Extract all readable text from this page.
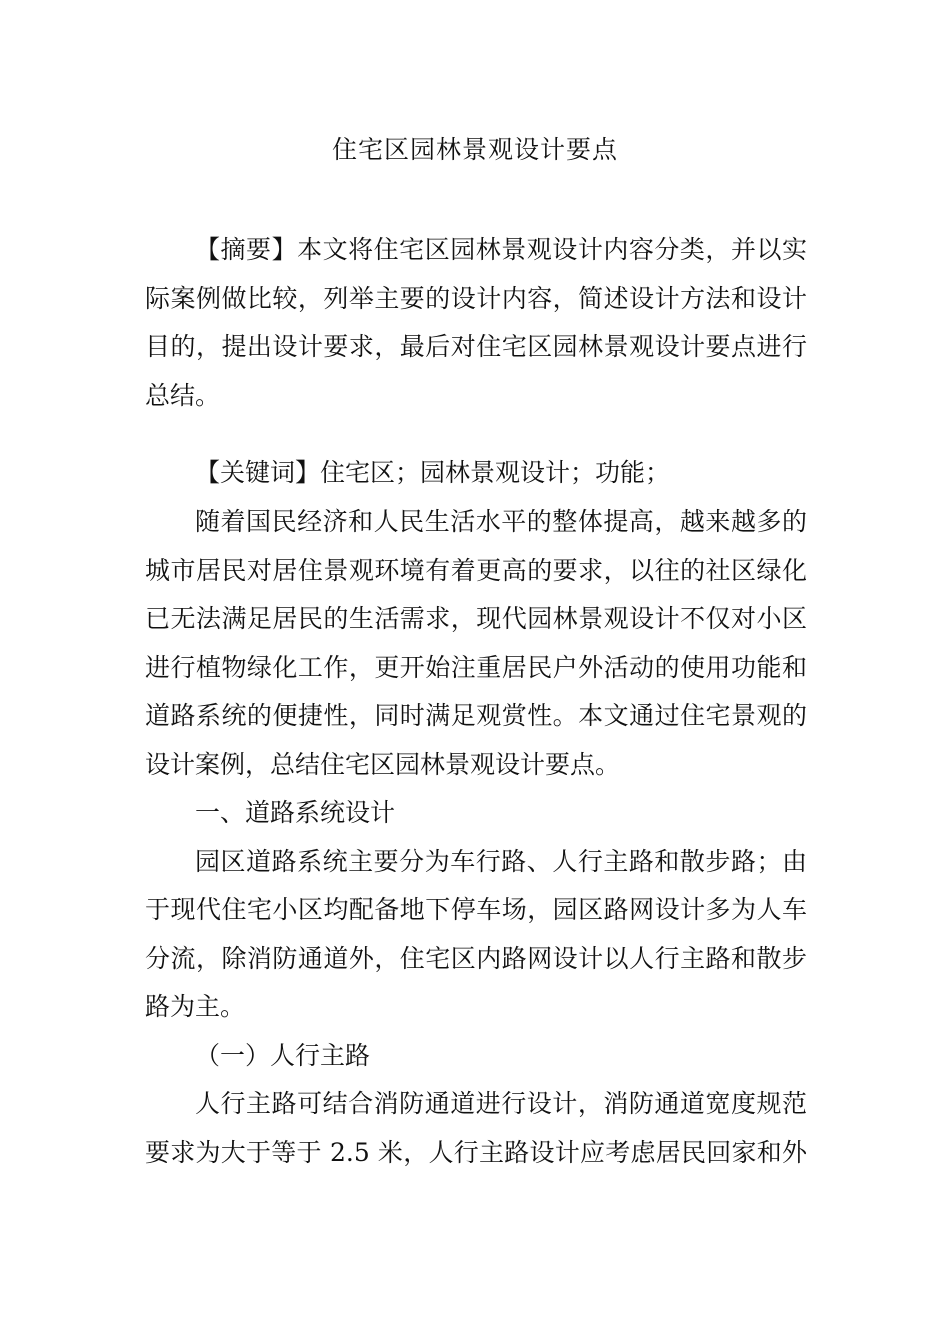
住宅区园林景观设计要点
【摘要】本文将住宅区园林景观设计内容分类，并以实
际案例做比较，列举主要的设计内容，简述设计方法和设计
目的，提出设计要求，最后对住宅区园林景观设计要点进行
总结。
【关键词】住宅区；园林景观设计；功能；
随着国民经济和人民生活水平的整体提高，越来越多的
城市居民对居住景观环境有着更高的要求，以往的社区绿化
已无法满足居民的生活需求，现代园林景观设计不仅对小区
进行植物绿化工作，更开始注重居民户外活动的使用功能和
道路系统的便捷性，同时满足观赏性。本文通过住宅景观的
设计案例，总结住宅区园林景观设计要点。
一、道路系统设计
园区道路系统主要分为车行路、人行主路和散步路；由
于现代住宅小区均配备地下停车场，园区路网设计多为人车
分流，除消防通道外，住宅区内路网设计以人行主路和散步
路为主。
（一）人行主路
人行主路可结合消防通道进行设计，消防通道宽度规范
要求为大于等于 2.5 米，人行主路设计应考虑居民回家和外
